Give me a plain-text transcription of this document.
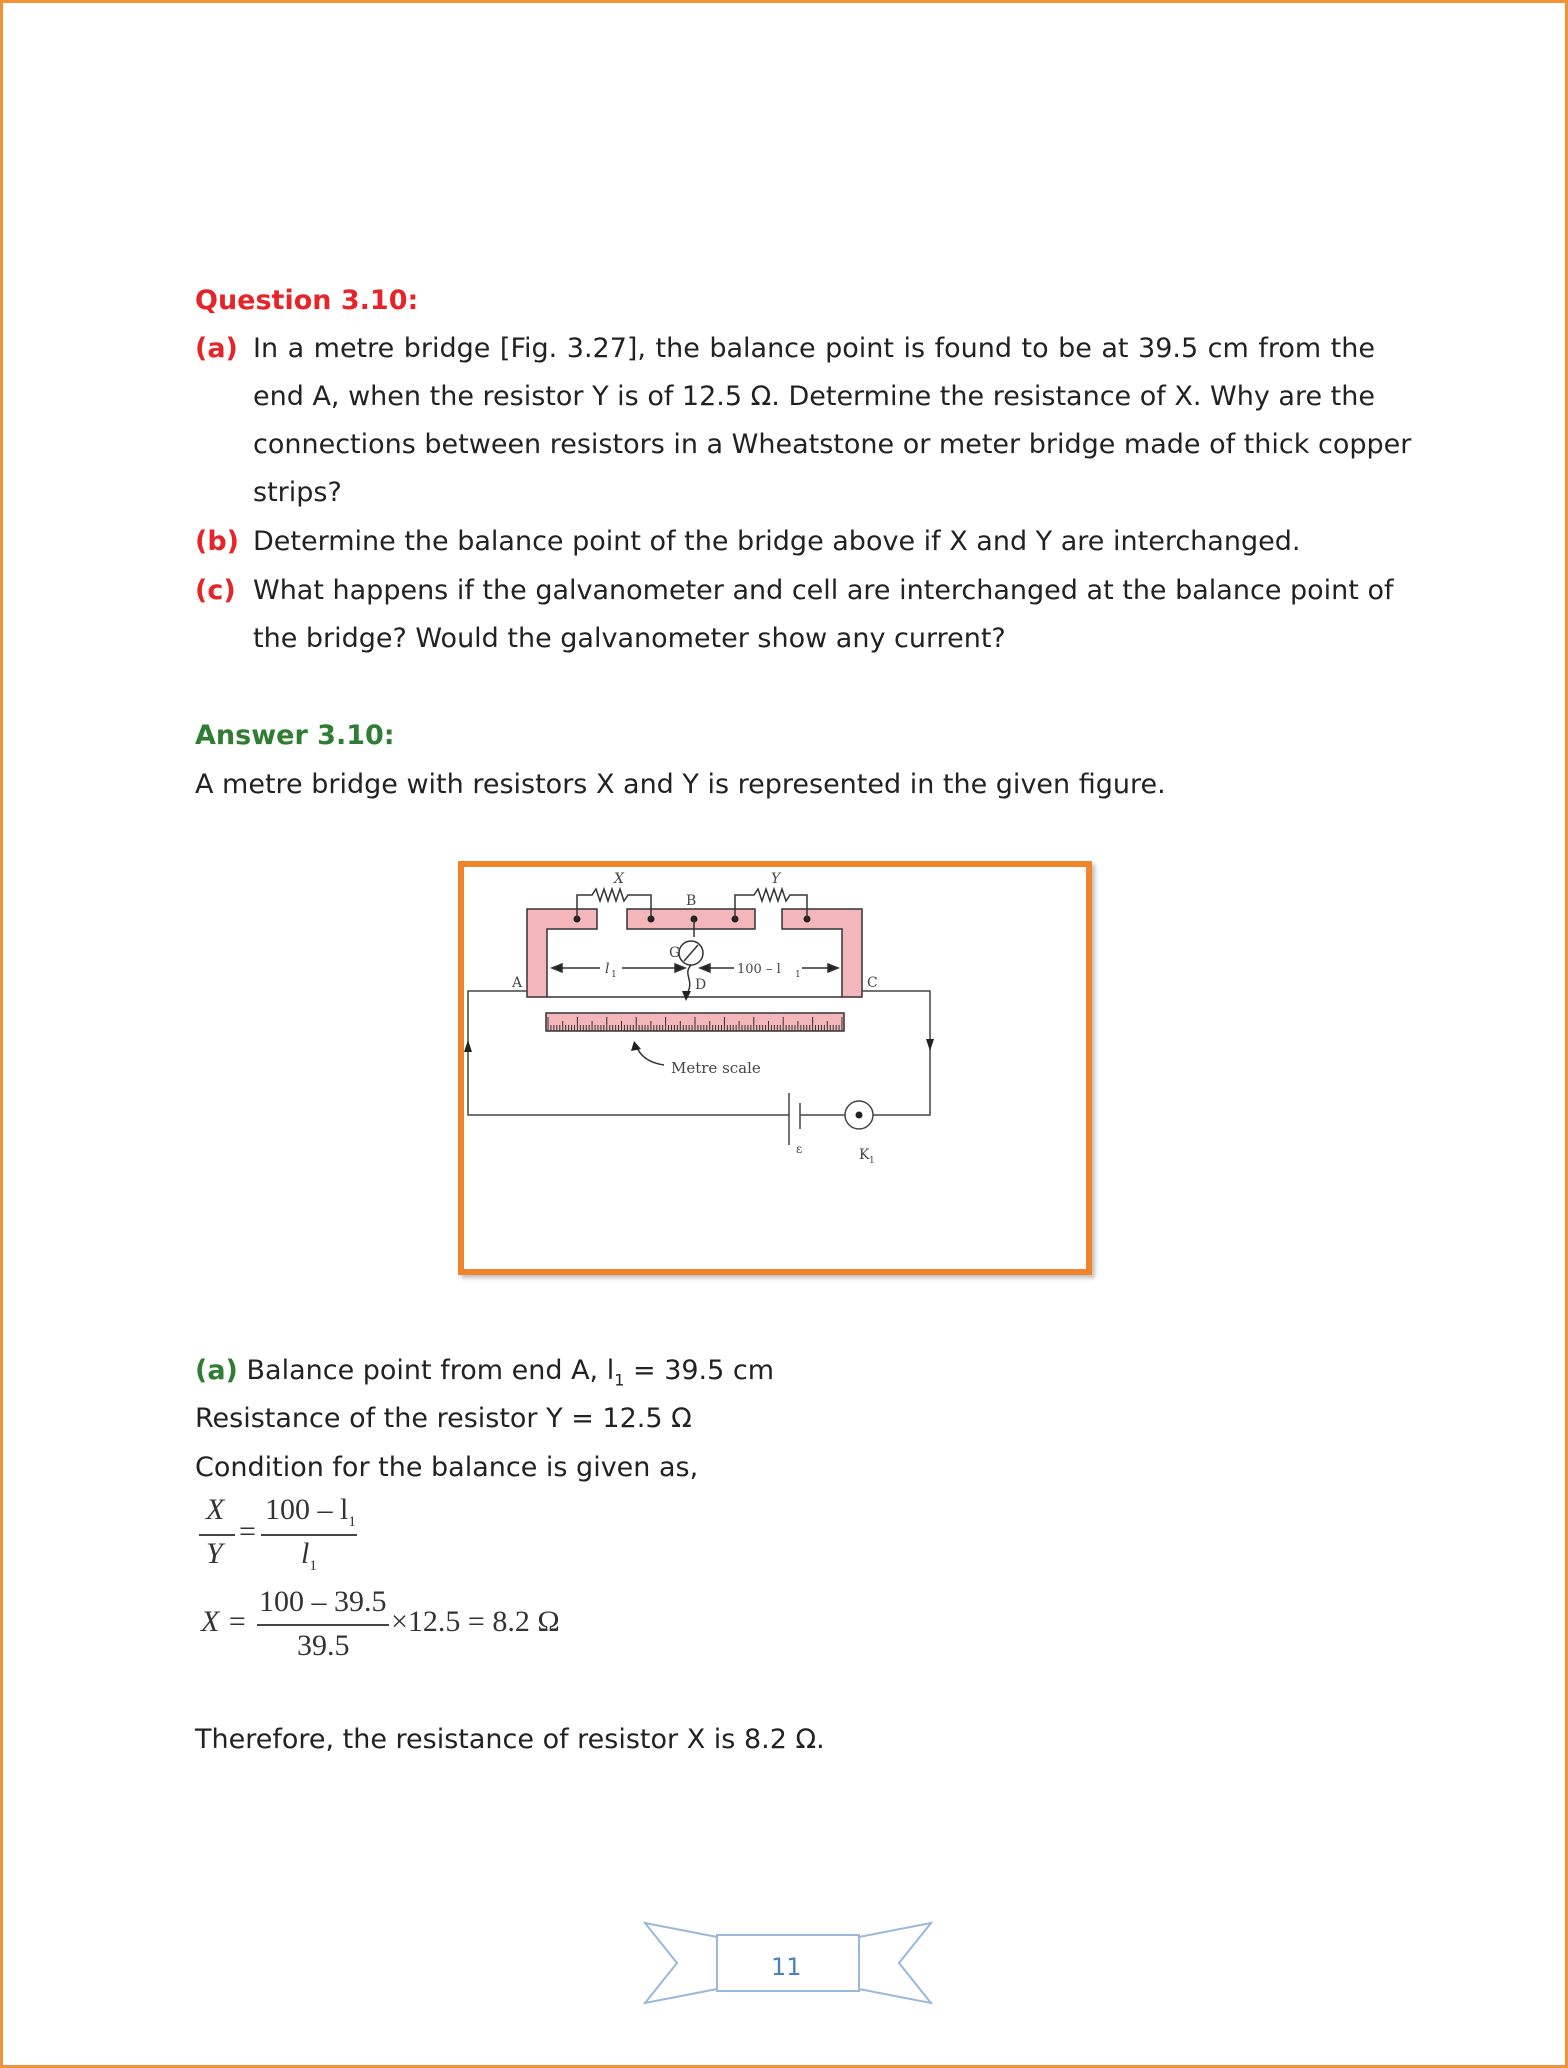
Question 3.10:
(a) In a metre bridge [Fig. 3.27], the balance point is found to be at 39.5 cm from the
end A, when the resistor Y is of 12.5 Ω. Determine the resistance of X. Why are the
connections between resistors in a Wheatstone or meter bridge made of thick copper
strips?
(b) Determine the balance point of the bridge above if X and Y are interchanged.
(c) What happens if the galvanometer and cell are interchanged at the balance point of
the bridge? Would the galvanometer show any current?
Answer 3.10:
A metre bridge with resistors X and Y is represented in the given figure.
X	Y
B
G
A	C
D
l 1	100 – l 1
Metre scale
ε	K 1
(a) Balance point from end A, $l_1 = 39.5$ cm
Resistance of the resistor Y = 12.5 Ω
Condition for the balance is given as,
X
Y
=
$100 - l_1$
$l_1$
X =
100 – 39.5
39.5
×12.5 = 8.2 Ω
Therefore, the resistance of resistor X is 8.2 Ω.
11
